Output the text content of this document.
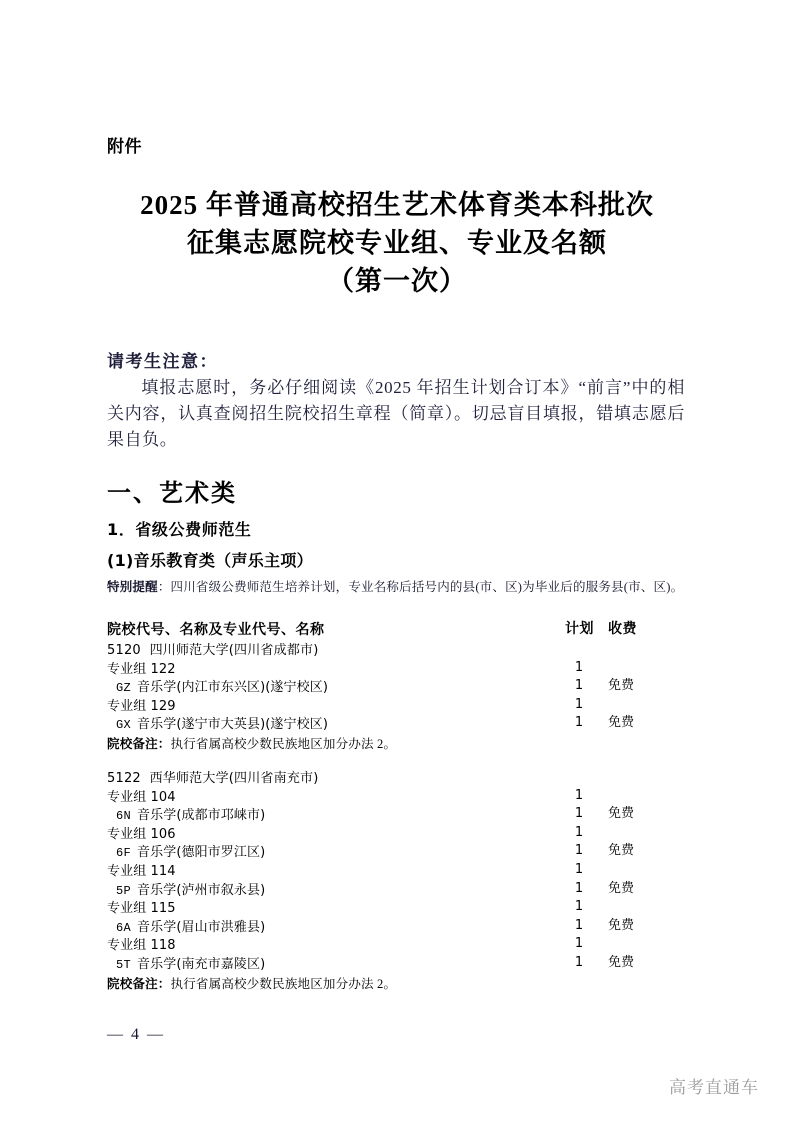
附件
2025 年普通高校招生艺术体育类本科批次
征集志愿院校专业组、专业及名额
（第一次）
请考生注意：
填报志愿时，务必仔细阅读《2025 年招生计划合订本》“前言”中的相关内容，认真查阅招生院校招生章程（简章）。切忌盲目填报，错填志愿后果自负。
一、艺术类
1．省级公费师范生
(1)音乐教育类（声乐主项）
特别提醒：四川省级公费师范生培养计划，专业名称后括号内的县(市、区)为毕业后的服务县(市、区)。
院校代号、名称及专业代号、名称	计划	收费
5120 四川师范大学(四川省成都市)
专业组 122	1
GZ 音乐学(内江市东兴区)(遂宁校区)	1	免费
专业组 129	1
GX 音乐学(遂宁市大英县)(遂宁校区)	1	免费
院校备注：执行省属高校少数民族地区加分办法 2。
5122 西华师范大学(四川省南充市)
专业组 104	1
6N 音乐学(成都市邛崃市)	1	免费
专业组 106	1
6F 音乐学(德阳市罗江区)	1	免费
专业组 114	1
5P 音乐学(泸州市叙永县)	1	免费
专业组 115	1
6A 音乐学(眉山市洪雅县)	1	免费
专业组 118	1
5T 音乐学(南充市嘉陵区)	1	免费
院校备注：执行省属高校少数民族地区加分办法 2。
— 4 —
高考直通车
